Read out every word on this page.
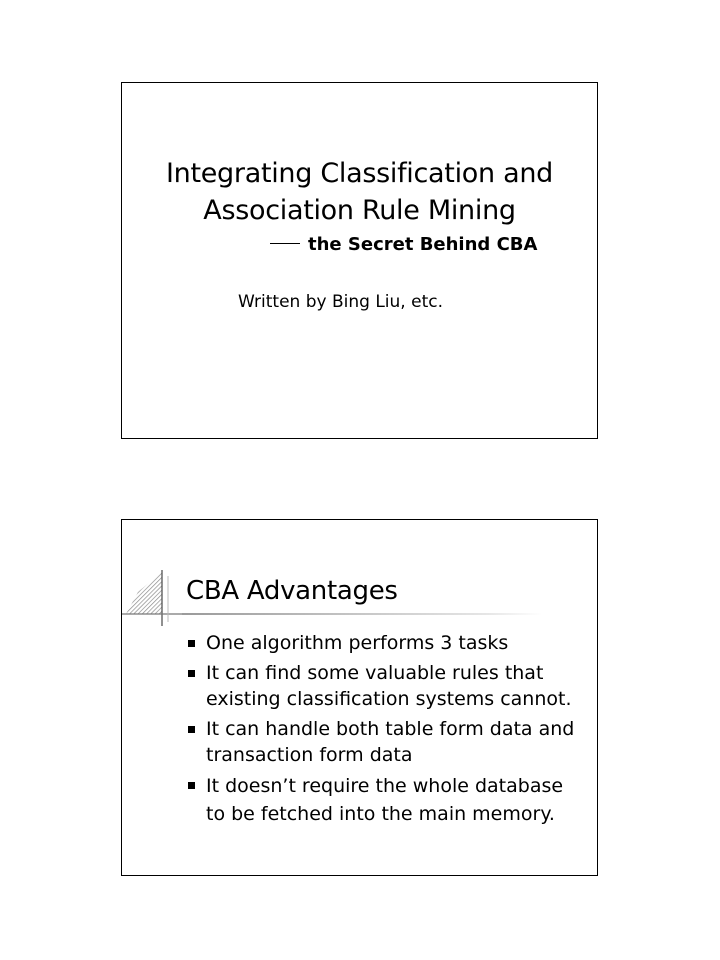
Integrating Classification and
Association Rule Mining
the Secret Behind CBA
Written by Bing Liu, etc.
CBA Advantages
One algorithm performs 3 tasks
It can find some valuable rules that
existing classification systems cannot.
It can handle both table form data and
transaction form data
It doesn’t require the whole database
to be fetched into the main memory.
